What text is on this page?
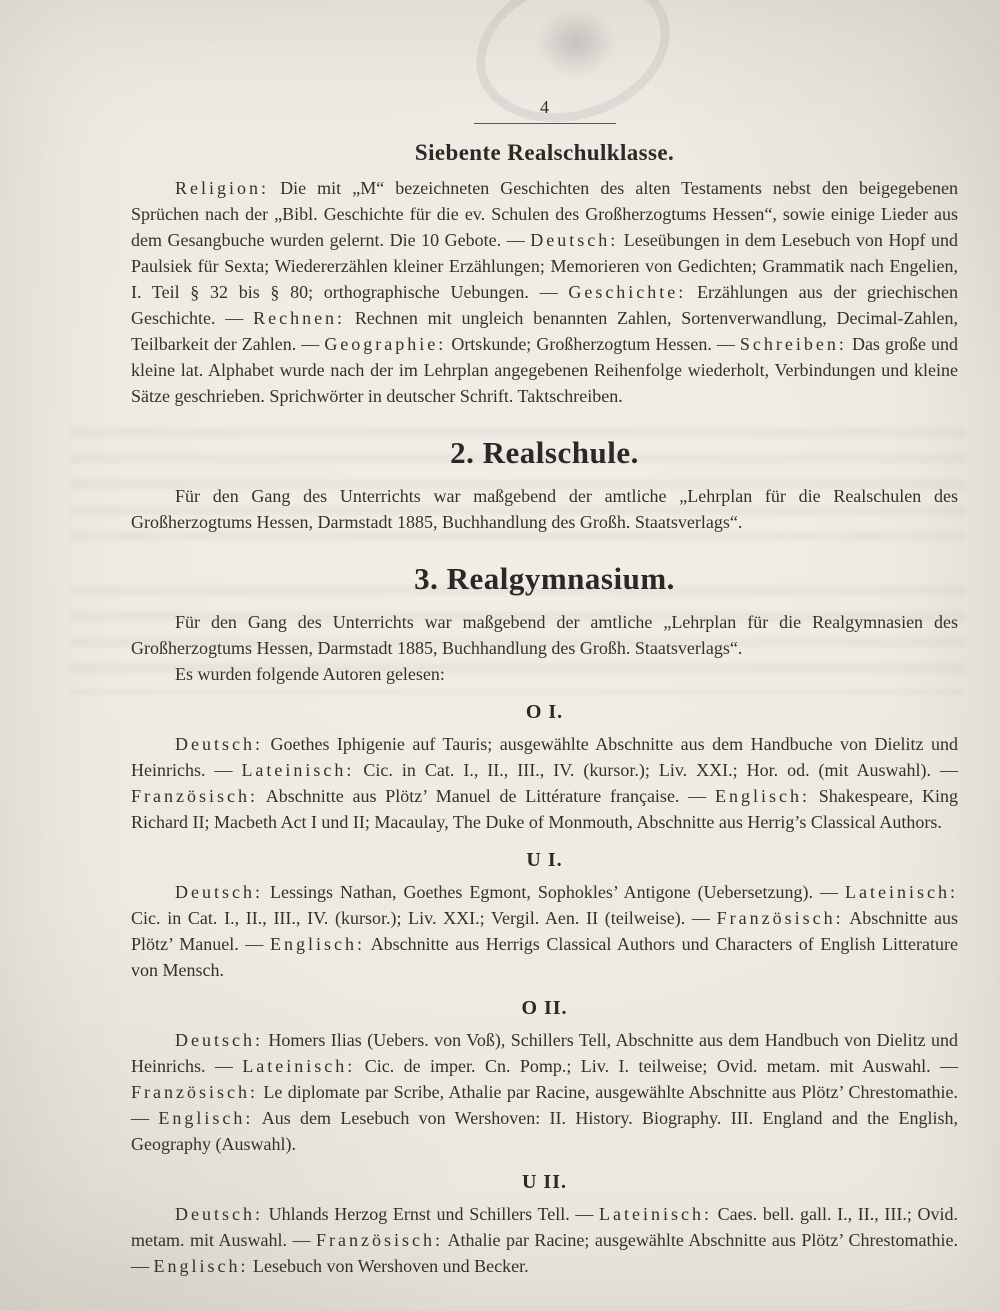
4
Siebente Realschulklasse.

Religion: Die mit „M“ bezeichneten Geschichten des alten Testaments nebst den beigegebenen Sprüchen nach der „Bibl. Geschichte für die ev. Schulen des Großherzogtums Hessen“, sowie einige Lieder aus dem Gesangbuche wurden gelernt. Die 10 Gebote. — Deutsch: Leseübungen in dem Lesebuch von Hopf und Paulsiek für Sexta; Wiedererzählen kleiner Erzählungen; Memorieren von Gedichten; Grammatik nach Engelien, I. Teil § 32 bis § 80; orthographische Uebungen. — Geschichte: Erzählungen aus der griechischen Geschichte. — Rechnen: Rechnen mit ungleich benannten Zahlen, Sortenverwandlung, Decimal-Zahlen, Teilbarkeit der Zahlen. — Geographie: Ortskunde; Großherzogtum Hessen. — Schreiben: Das große und kleine lat. Alphabet wurde nach der im Lehrplan angegebenen Reihenfolge wiederholt, Verbindungen und kleine Sätze geschrieben. Sprichwörter in deutscher Schrift. Taktschreiben.

2. Realschule.

Für den Gang des Unterrichts war maßgebend der amtliche „Lehrplan für die Realschulen des Großherzogtums Hessen, Darmstadt 1885, Buchhandlung des Großh. Staatsverlags“.

3. Realgymnasium.

Für den Gang des Unterrichts war maßgebend der amtliche „Lehrplan für die Realgymnasien des Großherzogtums Hessen, Darmstadt 1885, Buchhandlung des Großh. Staatsverlags“.

Es wurden folgende Autoren gelesen:

O I.

Deutsch: Goethes Iphigenie auf Tauris; ausgewählte Abschnitte aus dem Handbuche von Dielitz und Heinrichs. — Lateinisch: Cic. in Cat. I., II., III., IV. (kursor.); Liv. XXI.; Hor. od. (mit Auswahl). — Französisch: Abschnitte aus Plötz’ Manuel de Littérature française. — Englisch: Shakespeare, King Richard II; Macbeth Act I und II; Macaulay, The Duke of Monmouth, Abschnitte aus Herrig’s Classical Authors.

U I.

Deutsch: Lessings Nathan, Goethes Egmont, Sophokles’ Antigone (Uebersetzung). — Lateinisch: Cic. in Cat. I., II., III., IV. (kursor.); Liv. XXI.; Vergil. Aen. II (teilweise). — Französisch: Abschnitte aus Plötz’ Manuel. — Englisch: Abschnitte aus Herrigs Classical Authors und Characters of English Litterature von Mensch.

O II.

Deutsch: Homers Ilias (Uebers. von Voß), Schillers Tell, Abschnitte aus dem Handbuch von Dielitz und Heinrichs. — Lateinisch: Cic. de imper. Cn. Pomp.; Liv. I. teilweise; Ovid. metam. mit Auswahl. — Französisch: Le diplomate par Scribe, Athalie par Racine, ausgewählte Abschnitte aus Plötz’ Chrestomathie. — Englisch: Aus dem Lesebuch von Wershoven: II. History. Biography. III. England and the English, Geography (Auswahl).

U II.

Deutsch: Uhlands Herzog Ernst und Schillers Tell. — Lateinisch: Caes. bell. gall. I., II., III.; Ovid. metam. mit Auswahl. — Französisch: Athalie par Racine; ausgewählte Abschnitte aus Plötz’ Chrestomathie. — Englisch: Lesebuch von Wershoven und Becker.
